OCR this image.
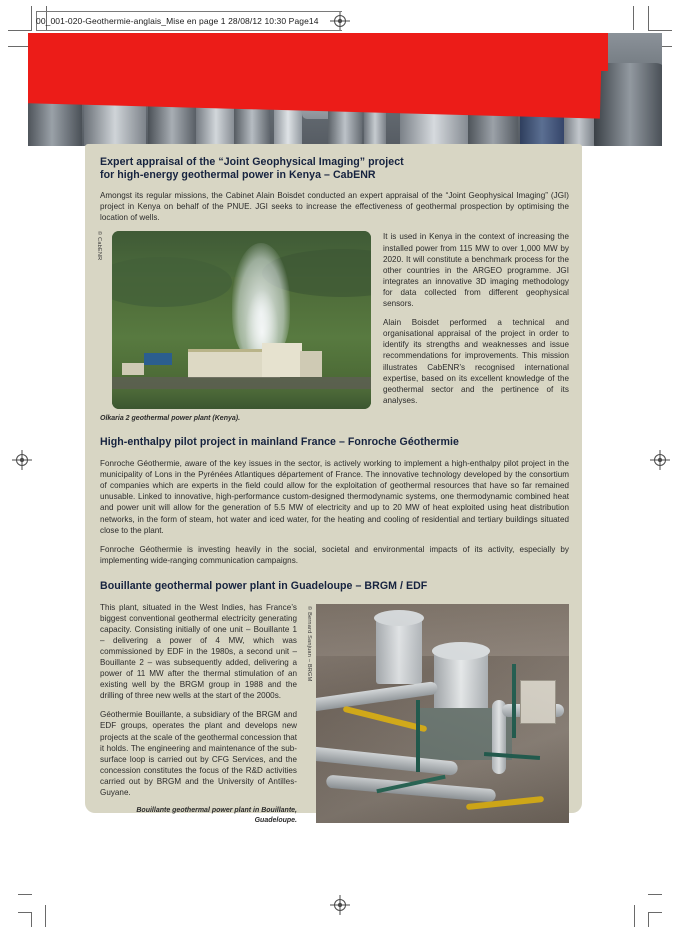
00_001-020-Geothermie-anglais_Mise en page 1 28/08/12 10:30 Page14
Expert appraisal of the “Joint Geophysical Imaging” project
for high-energy geothermal power in Kenya – CabENR

Amongst its regular missions, the Cabinet Alain Boisdet conducted an expert appraisal of the “Joint Geophysical Imaging” (JGI) project in Kenya on behalf of the PNUE. JGI seeks to increase the effectiveness of geothermal prospection by optimising the location of wells.

© CabENR	It is used in Kenya in the context of increasing the installed power from 115 MW to over 1,000 MW by 2020. It will constitute a benchmark process for the other countries in the ARGEO programme. JGI integrates an innovative 3D imaging methodology for data collected from different geophysical sensors.

Alain Boisdet performed a technical and organisational appraisal of the project in order to identify its strengths and weaknesses and issue recommendations for improvements. This mission illustrates CabENR’s recognised international expertise, based on its excellent knowledge of the geothermal sector and the pertinence of its analyses.

Olkaria 2 geothermal power plant (Kenya).
High-enthalpy pilot project in mainland France – Fonroche Géothermie

Fonroche Géothermie, aware of the key issues in the sector, is actively working to implement a high-enthalpy pilot project in the municipality of Lons in the Pyrénées Atlantiques département of France. The innovative technology developed by the consortium of companies which are experts in the field could allow for the exploitation of geothermal resources that have so far remained unusable. Linked to innovative, high-performance custom-designed thermodynamic systems, one thermodynamic combined heat and power unit will allow for the generation of 5.5 MW of electricity and up to 20 MW of heat exploited using heat distribution networks, in the form of steam, hot water and iced water, for the heating and cooling of residential and tertiary buildings situated close to the plant.

Fonroche Géothermie is investing heavily in the social, societal and environmental impacts of its activity, especially by implementing wide-ranging communication campaigns.

Bouillante geothermal power plant in Guadeloupe – BRGM / EDF
© Bernard Sanjuan – BRGM

This plant, situated in the West Indies, has France’s biggest conventional geothermal electricity generating capacity. Consisting initially of one unit – Bouillante 1 – delivering a power of 4 MW, which was commissioned by EDF in the 1980s, a second unit – Bouillante 2 – was subsequently added, delivering a power of 11 MW after the thermal stimulation of an existing well by the BRGM group in 1988 and the drilling of three new wells at the start of the 2000s.

Géothermie Bouillante, a subsidiary of the BRGM and EDF groups, operates the plant and develops new projects at the scale of the geothermal concession that it holds. The engineering and maintenance of the sub-surface loop is carried out by CFG Services, and the concession constitutes the focus of the R&D activities carried out by BRGM and the University of Antilles-Guyane.

Bouillante geothermal power plant in Bouillante,
Guadeloupe.
